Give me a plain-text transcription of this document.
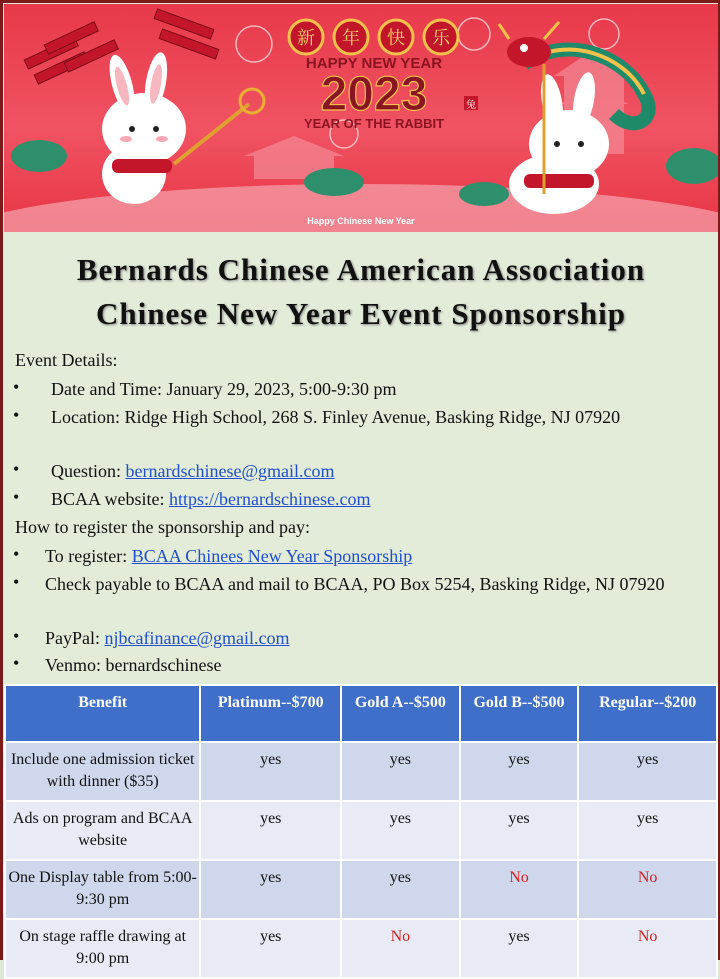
新 年 快 乐
HAPPY NEW YEAR
2023	兔
YEAR OF THE RABBIT
Happy Chinese New Year
Bernards Chinese American Association
Chinese New Year Event Sponsorship
Event Details:
• Date and Time: January 29, 2023, 5:00-9:30 pm
• Location: Ridge High School, 268 S. Finley Avenue, Basking Ridge, NJ 07920
• Question: bernardschinese@gmail.com
• BCAA website: https://bernardschinese.com
How to register the sponsorship and pay:
• To register: BCAA Chinees New Year Sponsorship
• Check payable to BCAA and mail to BCAA, PO Box 5254, Basking Ridge, NJ 07920
• PayPal: njbcafinance@gmail.com
• Venmo: bernardschinese
Benefit	Platinum--$700	Gold A--$500	Gold B--$500	Regular--$200
Include one admission ticket with dinner ($35)	yes	yes	yes	yes
Ads on program and BCAA website	yes	yes	yes	yes
One Display table from 5:00-9:30 pm	yes	yes	No	No
On stage raffle drawing at 9:00 pm	yes	No	yes	No
